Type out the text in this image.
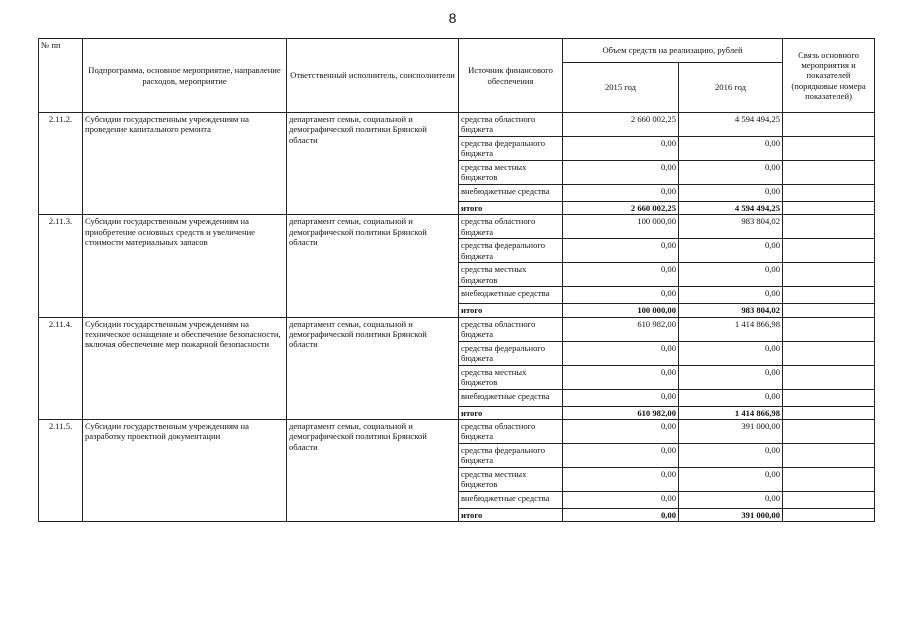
8
№ пп	Подпрограмма, основное мероприятие, направление расходов, мероприятие	Ответственный исполнитель, соисполнители	Источник финансового обеспечения	Объем средств на реализацию, рублей		Связь основного мероприятия и показателей (порядковые номера показателей)
				2015 год	2016 год	
2.11.2.	Субсидии государственным учреждениям на проведение капитального ремонта	департамент семьи, социальной и демографической политики Брянской области	средства областного бюджета	2 660 002,25	4 594 494,25	
			средства федерального бюджета	0,00	0,00	
			средства местных бюджетов	0,00	0,00	
			внебюджетные средства	0,00	0,00	
			итого	2 660 002,25	4 594 494,25	
2.11.3.	Субсидии государственным учреждениям на приобретение основных средств и увеличение стоимости материальных запасов	департамент семьи, социальной и демографической политики Брянской области	средства областного бюджета	100 000,00	983 804,02	
			средства федерального бюджета	0,00	0,00	
			средства местных бюджетов	0,00	0,00	
			внебюджетные средства	0,00	0,00	
			итого	100 000,00	983 804,02	
2.11.4.	Субсидии государственным учреждениям на техническое оснащение и обеспечение безопасности, включая обеспечение мер пожарной безопасности	департамент семьи, социальной и демографической политики Брянской области	средства областного бюджета	610 982,00	1 414 866,98	
			средства федерального бюджета	0,00	0,00	
			средства местных бюджетов	0,00	0,00	
			внебюджетные средства	0,00	0,00	
			итого	610 982,00	1 414 866,98	
2.11.5.	Субсидии государственным учреждениям на разработку проектной документации	департамент семьи, социальной и демографической политики Брянской области	средства областного бюджета	0,00	391 000,00	
			средства федерального бюджета	0,00	0,00	
			средства местных бюджетов	0,00	0,00	
			внебюджетные средства	0,00	0,00	
			итого	0,00	391 000,00	
